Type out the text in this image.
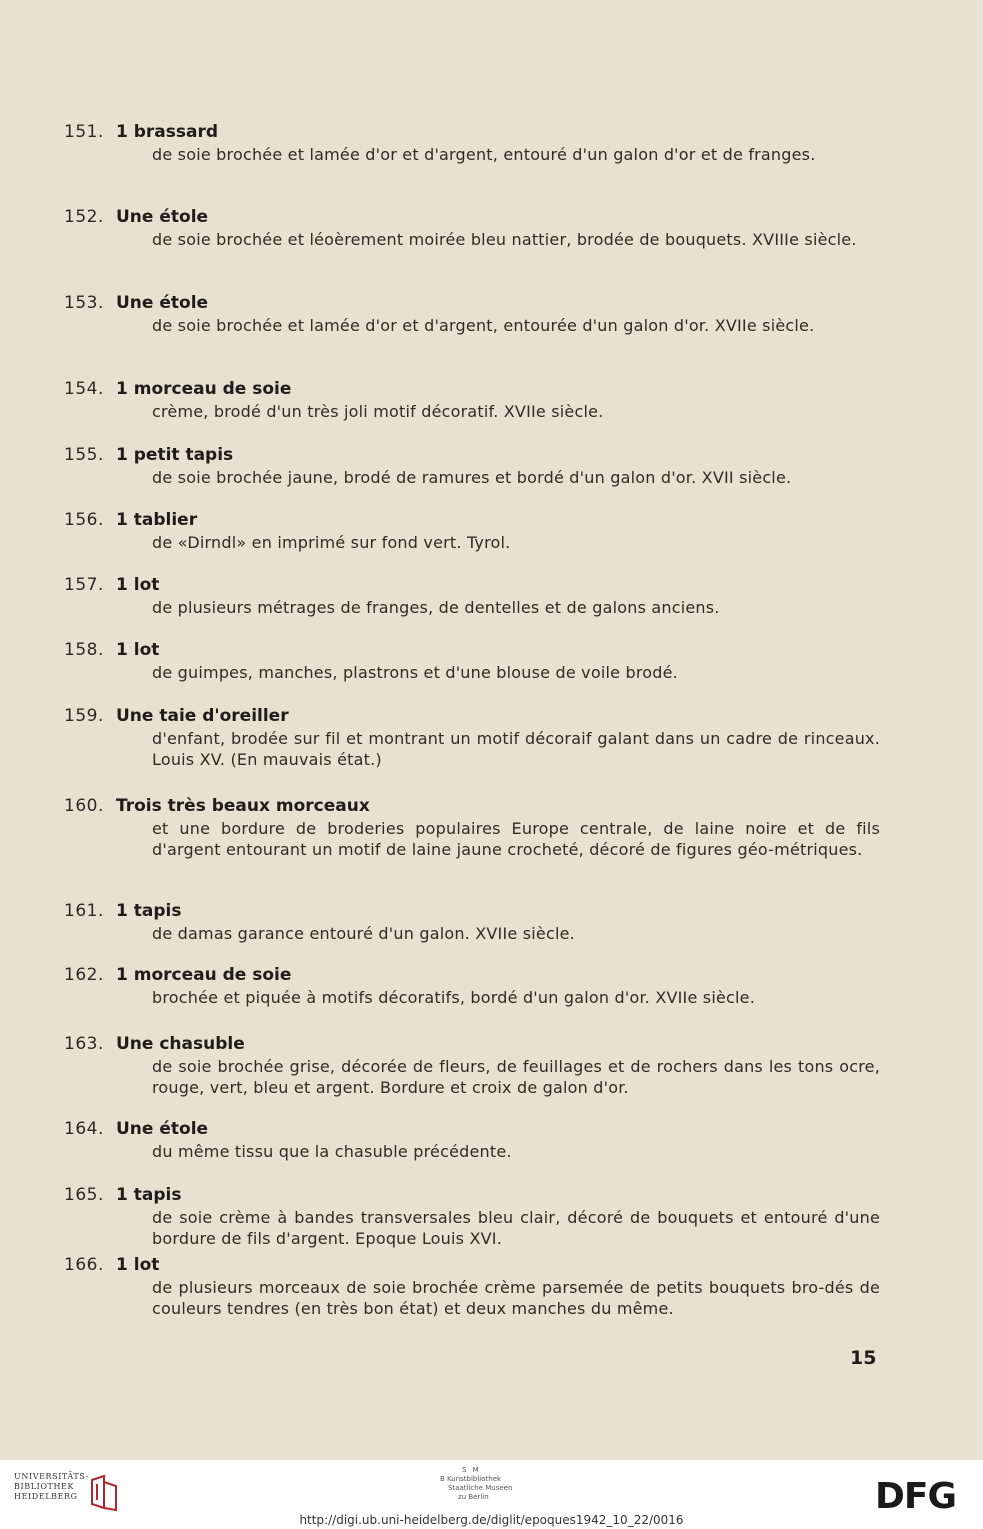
151. 1 brassard
de soie brochée et lamée d'or et d'argent, entouré d'un galon d'or et de franges.
152. Une étole
de soie brochée et léoèrement moirée bleu nattier, brodée de bouquets. XVIIIe siècle.
153. Une étole
de soie brochée et lamée d'or et d'argent, entourée d'un galon d'or. XVIIe siècle.
154. 1 morceau de soie
crème, brodé d'un très joli motif décoratif. XVIIe siècle.
155. 1 petit tapis
de soie brochée jaune, brodé de ramures et bordé d'un galon d'or. XVII siècle.
156. 1 tablier
de «Dirndl» en imprimé sur fond vert. Tyrol.
157. 1 lot
de plusieurs métrages de franges, de dentelles et de galons anciens.
158. 1 lot
de guimpes, manches, plastrons et d'une blouse de voile brodé.
159. Une taie d'oreiller
d'enfant, brodée sur fil et montrant un motif décoraif galant dans un cadre de rinceaux. Louis XV. (En mauvais état.)
160. Trois très beaux morceaux
et une bordure de broderies populaires Europe centrale, de laine noire et de fils d'argent entourant un motif de laine jaune crocheté, décoré de figures géo-métriques.
161. 1 tapis
de damas garance entouré d'un galon. XVIIe siècle.
162. 1 morceau de soie
brochée et piquée à motifs décoratifs, bordé d'un galon d'or. XVIIe siècle.
163. Une chasuble
de soie brochée grise, décorée de fleurs, de feuillages et de rochers dans les tons ocre, rouge, vert, bleu et argent. Bordure et croix de galon d'or.
164. Une étole
du même tissu que la chasuble précédente.
165. 1 tapis
de soie crème à bandes transversales bleu clair, décoré de bouquets et entouré d'une bordure de fils d'argent. Epoque Louis XVI.
166. 1 lot
de plusieurs morceaux de soie brochée crème parsemée de petits bouquets bro-dés de couleurs tendres (en très bon état) et deux manches du même.
15
UNIVERSITÄTS-
BIBLIOTHEK
HEIDELBERG
S M
B Kunstbibliothek
Staatliche Museen
zu Berlin	DFG
http://digi.ub.uni-heidelberg.de/diglit/epoques1942_10_22/0016
